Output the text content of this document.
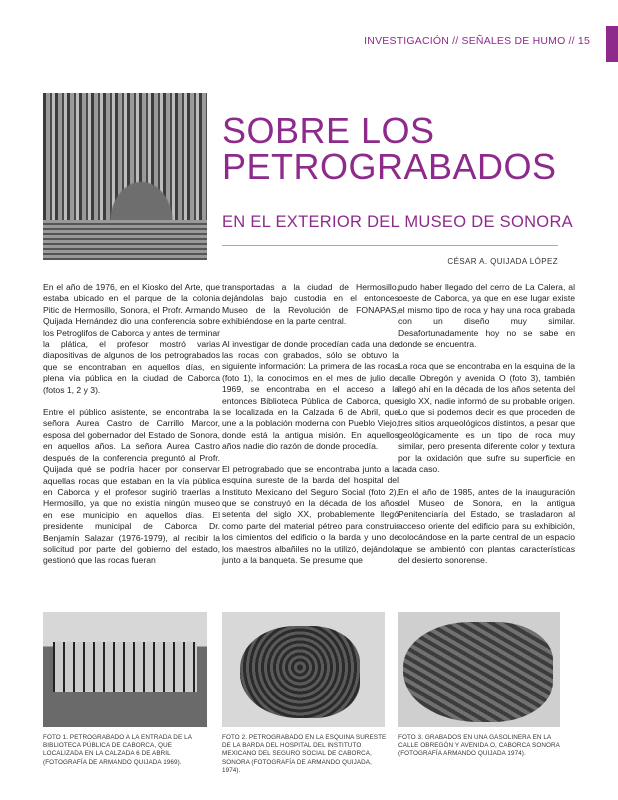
INVESTIGACIÓN // SEÑALES DE HUMO // 15
SOBRE LOS
PETROGRABADOS
EN EL EXTERIOR DEL MUSEO DE SONORA
CÉSAR A. QUIJADA LÓPEZ

En el año de 1976, en el Kiosko del Arte, que estaba ubicado en el parque de la colonia Pitic de Hermosillo, Sonora, el Profr. Armando Quijada Hernández dio una conferencia sobre los Petroglifos de Caborca y antes de terminar la plática, el profesor mostró varias diapositivas de algunos de los petrograbados que se encontraban en aquellos días, en plena vía pública en la ciudad de Caborca (fotos 1, 2 y 3).

Entre el público asistente, se encontraba la señora Aurea Castro de Carrillo Marcor, esposa del gobernador del Estado de Sonora, en aquellos años. La señora Aurea Castro después de la conferencia preguntó al Profr. Quijada qué se podría hacer por conservar aquellas rocas que estaban en la vía pública en Caborca y el profesor sugirió traerlas a Hermosillo, ya que no existía ningún museo en ese municipio en aquellos días. El presidente municipal de Caborca Dr. Benjamín Salazar (1976-1979), al recibir la solicitud por parte del gobierno del estado, gestionó que las rocas fueran

transportadas a la ciudad de Hermosillo, dejándolas bajo custodia en el entonces Museo de la Revolución de FONAPAS, exhibiéndose en la parte central.

Al investigar de donde procedían cada una de las rocas con grabados, sólo se obtuvo la siguiente información: La primera de las rocas (foto 1), la conocimos en el mes de julio de 1969, se encontraba en el acceso a la entonces Biblioteca Pública de Caborca, que se localizada en la Calzada 6 de Abril, que une a la población moderna con Pueblo Viejo, donde está la antigua misión. En aquellos años nadie dio razón de donde procedía.

El petrograbado que se encontraba junto a la esquina sureste de la barda del hospital del Instituto Mexicano del Seguro Social (foto 2), que se construyó en la década de los años setenta del siglo XX, probablemente llegó como parte del material pétreo para construir los cimientos del edificio o la barda y uno de los maestros albañiles no la utilizó, dejándola junto a la banqueta. Se presume que

pudo haber llegado del cerro de La Calera, al oeste de Caborca, ya que en ese lugar existe el mismo tipo de roca y hay una roca grabada con un diseño muy similar. Desafortunadamente hoy no se sabe en donde se encuentra.

La roca que se encontraba en la esquina de la calle Obregón y avenida O (foto 3), también llegó ahí en la década de los años setenta del siglo XX, nadie informó de su probable origen. Lo que si podemos decir es que proceden de tres sitios arqueológicos distintos, a pesar que geológicamente es un tipo de roca muy similar, pero presenta diferente color y textura por la oxidación que sufre su superficie en cada caso.

En el año de 1985, antes de la inauguración del Museo de Sonora, en la antigua Penitenciaría del Estado, se trasladaron al acceso oriente del edificio para su exhibición, colocándose en la parte central de un espacio que se ambientó con plantas características del desierto sonorense.

FOTO 1. PETROGRABADO A LA ENTRADA DE LA BIBLIOTECA PÚBLICA DE CABORCA, QUE LOCALIZADA EN LA CALZADA 6 DE ABRIL (FOTOGRAFÍA DE ARMANDO QUIJADA 1969).
FOTO 2. PETROGRABADO EN LA ESQUINA SURESTE DE LA BARDA DEL HOSPITAL DEL INSTITUTO MEXICANO DEL SEGURO SOCIAL DE CABORCA, SONORA (FOTOGRAFÍA DE ARMANDO QUIJADA, 1974).
FOTO 3. GRABADOS EN UNA GASOLINERA EN LA CALLE OBREGÓN Y AVENIDA O, CABORCA SONORA (FOTOGRAFÍA ARMANDO QUIJADA 1974).
